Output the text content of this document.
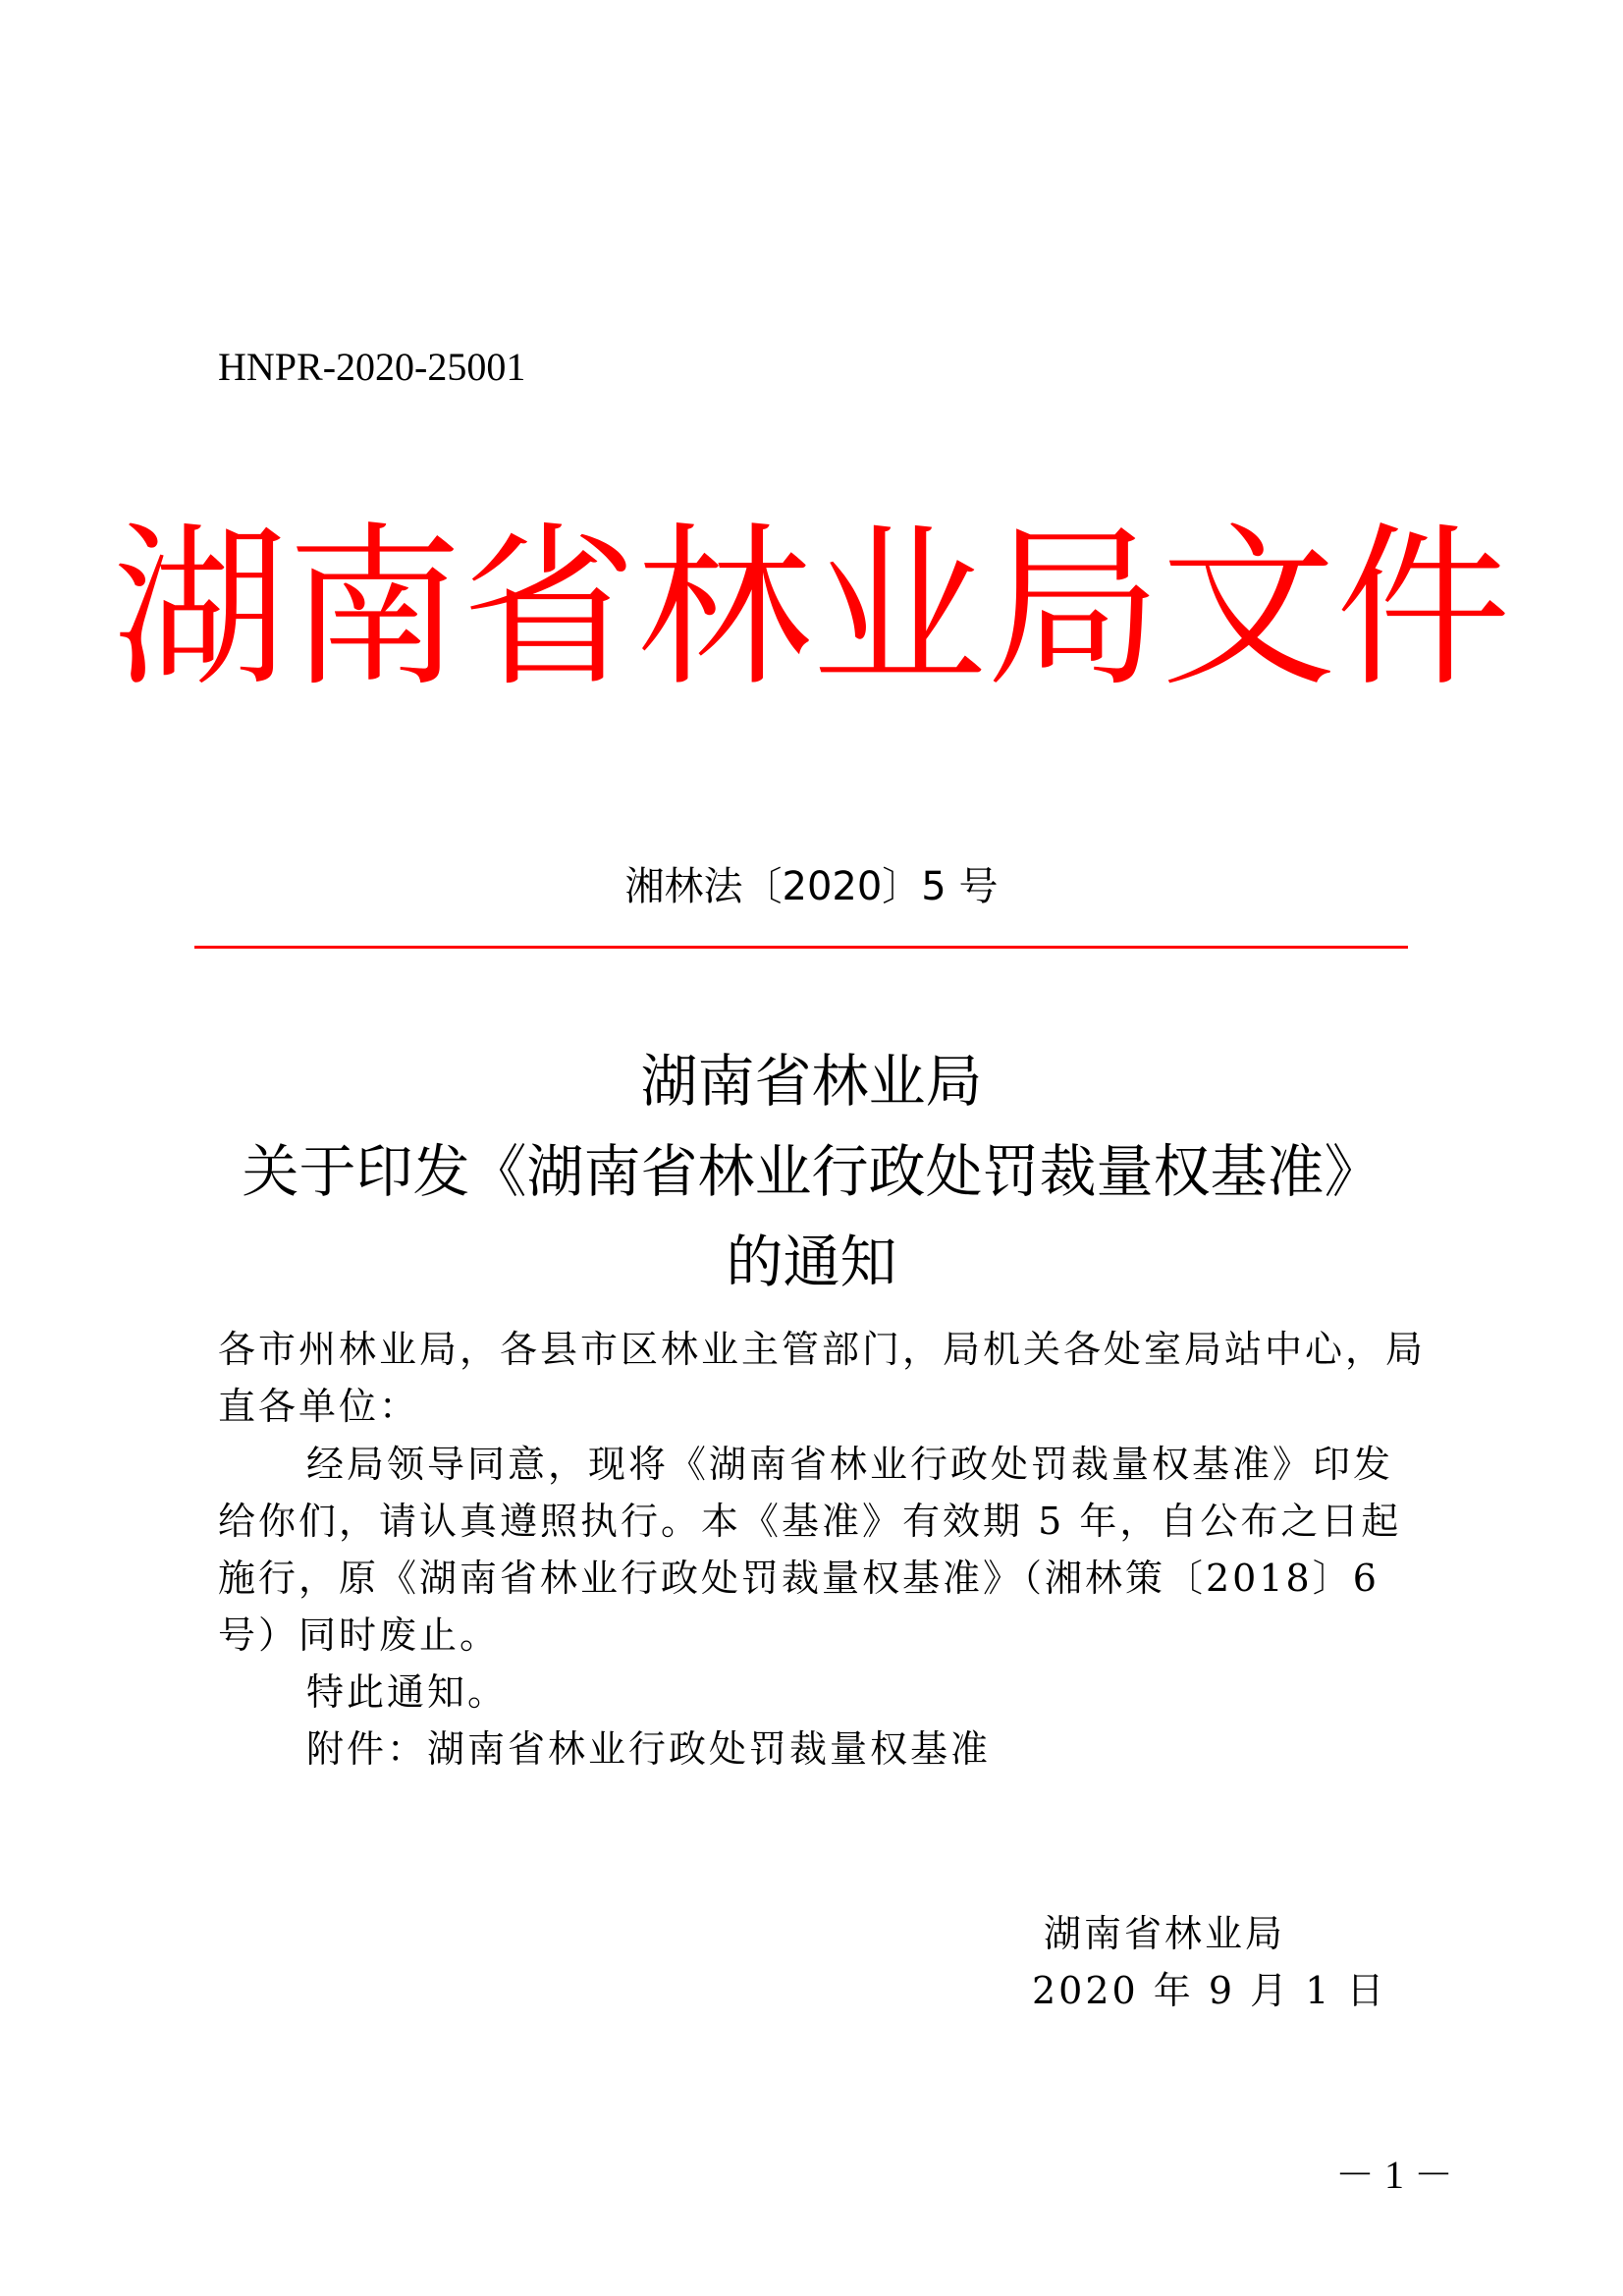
HNPR-2020-25001
湖南省林业局文件
湘林法〔2020〕5 号
湖南省林业局
关于印发《湖南省林业行政处罚裁量权基准》
的通知
各市州林业局，各县市区林业主管部门，局机关各处室局站中心，局直各单位：
经局领导同意，现将《湖南省林业行政处罚裁量权基准》印发给你们，请认真遵照执行。本《基准》有效期 5 年，自公布之日起施行，原《湖南省林业行政处罚裁量权基准》（湘林策〔2018〕6 号）同时废止。
特此通知。
附件：湖南省林业行政处罚裁量权基准
湖南省林业局
2020 年 9 月 1 日
－ 1 －
